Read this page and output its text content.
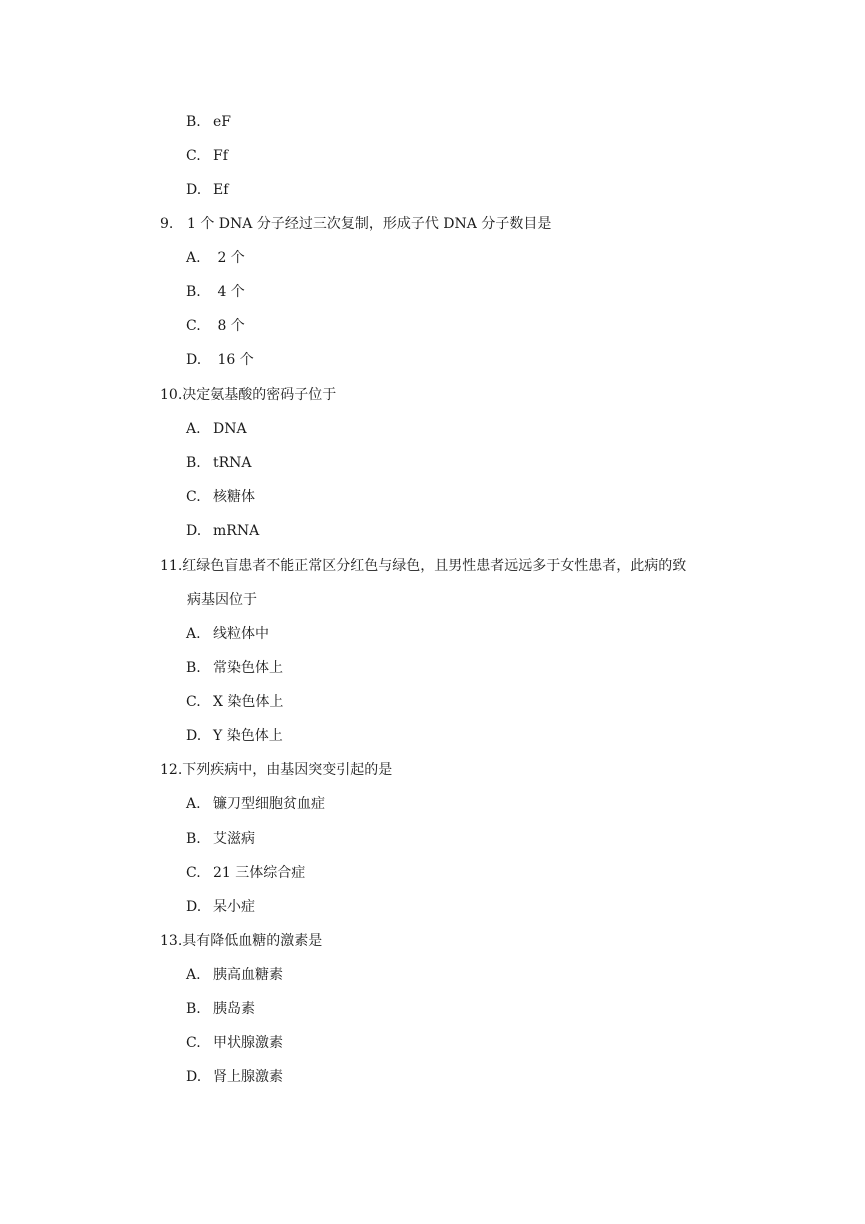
B. eF
C. Ff
D. Ef
9. 1 个 DNA 分子经过三次复制，形成子代 DNA 分子数目是
A. 2 个
B. 4 个
C. 8 个
D. 16 个
10.决定氨基酸的密码子位于
A. DNA
B. tRNA
C. 核糖体
D. mRNA
11.红绿色盲患者不能正常区分红色与绿色，且男性患者远远多于女性患者，此病的致
病基因位于
A. 线粒体中
B. 常染色体上
C. X 染色体上
D. Y 染色体上
12.下列疾病中，由基因突变引起的是
A. 镰刀型细胞贫血症
B. 艾滋病
C. 21 三体综合症
D. 呆小症
13.具有降低血糖的激素是
A. 胰高血糖素
B. 胰岛素
C. 甲状腺激素
D. 肾上腺激素
